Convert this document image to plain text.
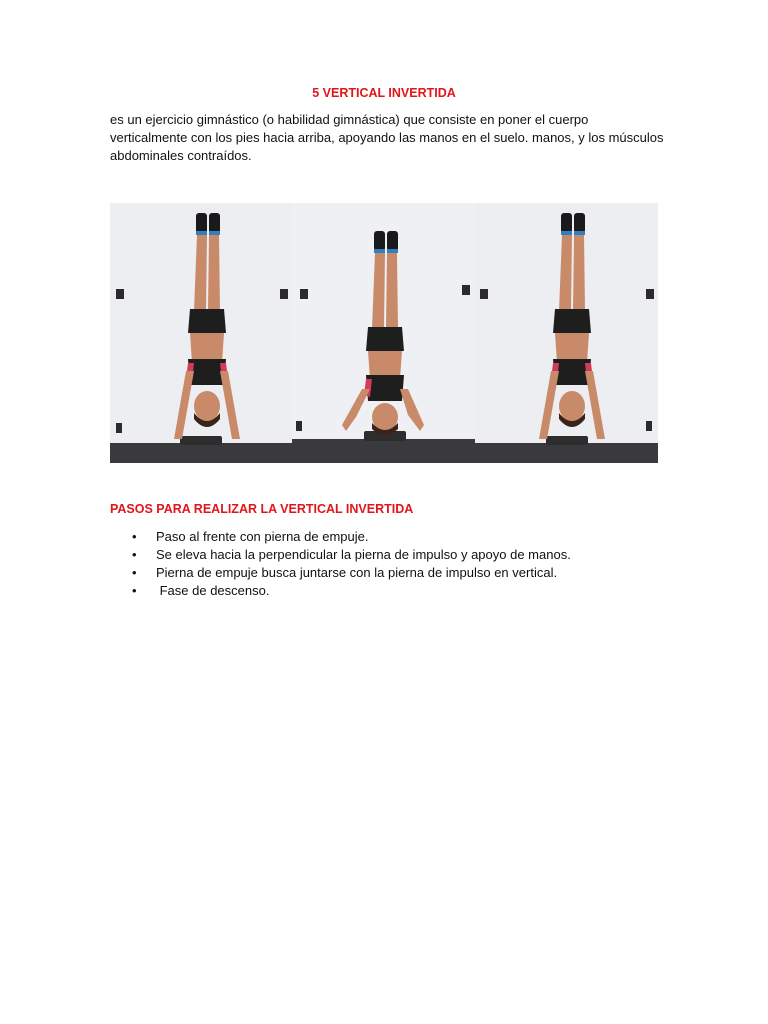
5 VERTICAL INVERTIDA

es un ejercicio gimnástico (o habilidad gimnástica) que consiste en poner el cuerpo
verticalmente con los pies hacia arriba, apoyando las manos en el suelo. manos, y los músculos
abdominales contraídos.

PASOS PARA REALIZAR LA VERTICAL INVERTIDA
• Paso al frente con pierna de empuje.
• Se eleva hacia la perpendicular la pierna de impulso y apoyo de manos.
• Pierna de empuje busca juntarse con la pierna de impulso en vertical.
• Fase de descenso.
